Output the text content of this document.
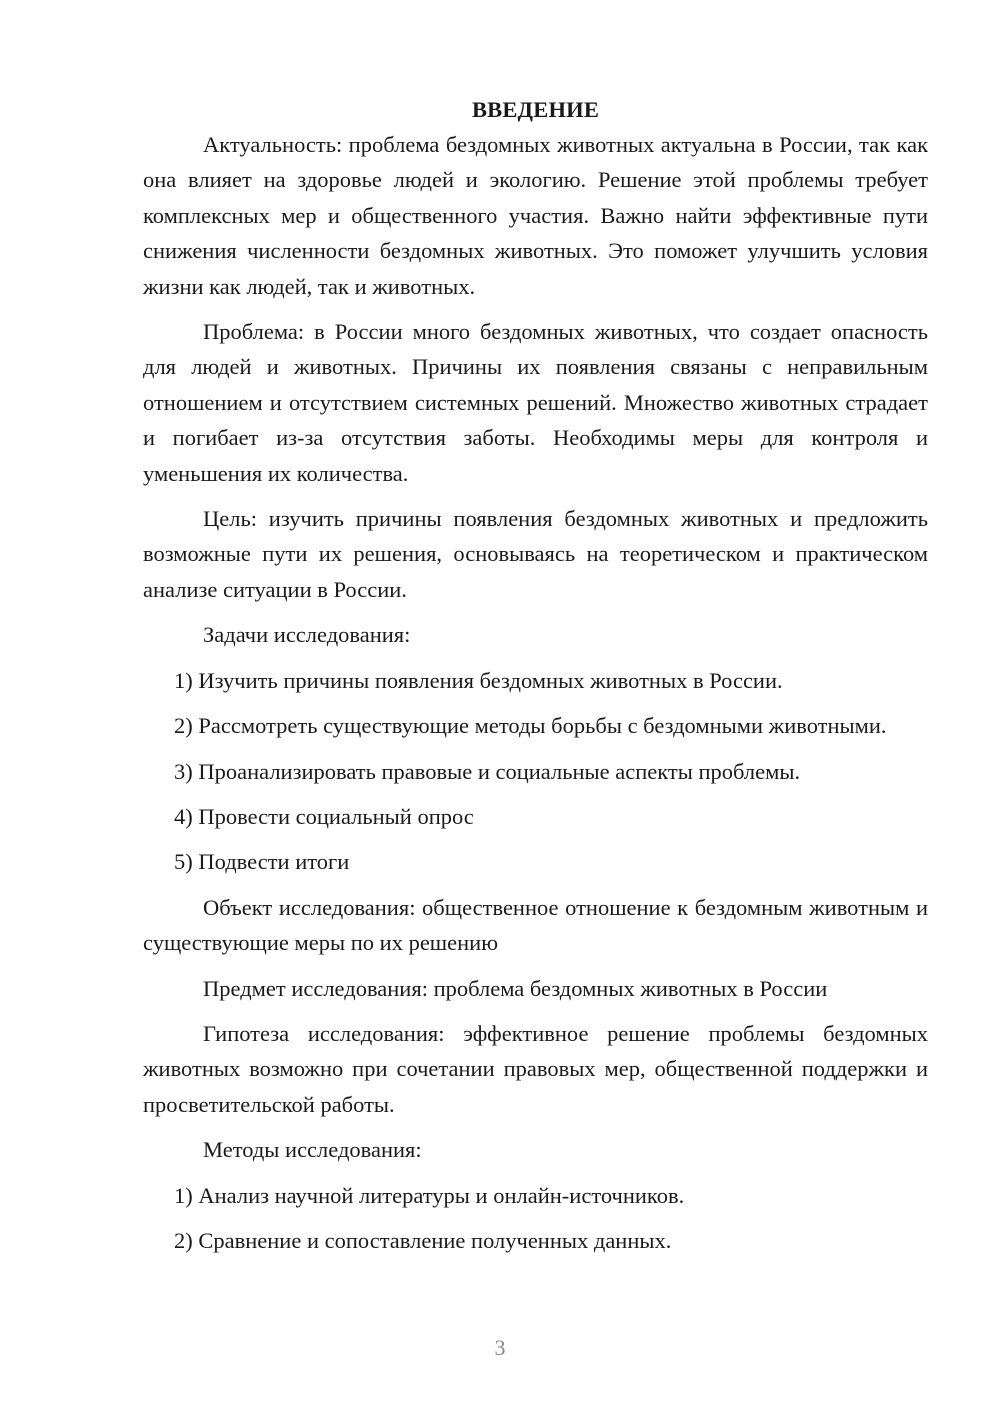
ВВЕДЕНИЕ

Актуальность: проблема бездомных животных актуальна в России, так как она влияет на здоровье людей и экологию. Решение этой проблемы требует комплексных мер и общественного участия. Важно найти эффективные пути снижения численности бездомных животных. Это поможет улучшить условия жизни как людей, так и животных.

Проблема: в России много бездомных животных, что создает опасность для людей и животных. Причины их появления связаны с неправильным отношением и отсутствием системных решений. Множество животных страдает и погибает из-за отсутствия заботы. Необходимы меры для контроля и уменьшения их количества.

Цель: изучить причины появления бездомных животных и предложить возможные пути их решения, основываясь на теоретическом и практическом анализе ситуации в России.

Задачи исследования:

1) Изучить причины появления бездомных животных в России.

2) Рассмотреть существующие методы борьбы с бездомными животными.

3) Проанализировать правовые и социальные аспекты проблемы.

4) Провести социальный опрос

5) Подвести итоги

Объект исследования: общественное отношение к бездомным животным и существующие меры по их решению

Предмет исследования: проблема бездомных животных в России

Гипотеза исследования: эффективное решение проблемы бездомных животных возможно при сочетании правовых мер, общественной поддержки и просветительской работы.

Методы исследования:

1) Анализ научной литературы и онлайн-источников.

2) Сравнение и сопоставление полученных данных.

3
